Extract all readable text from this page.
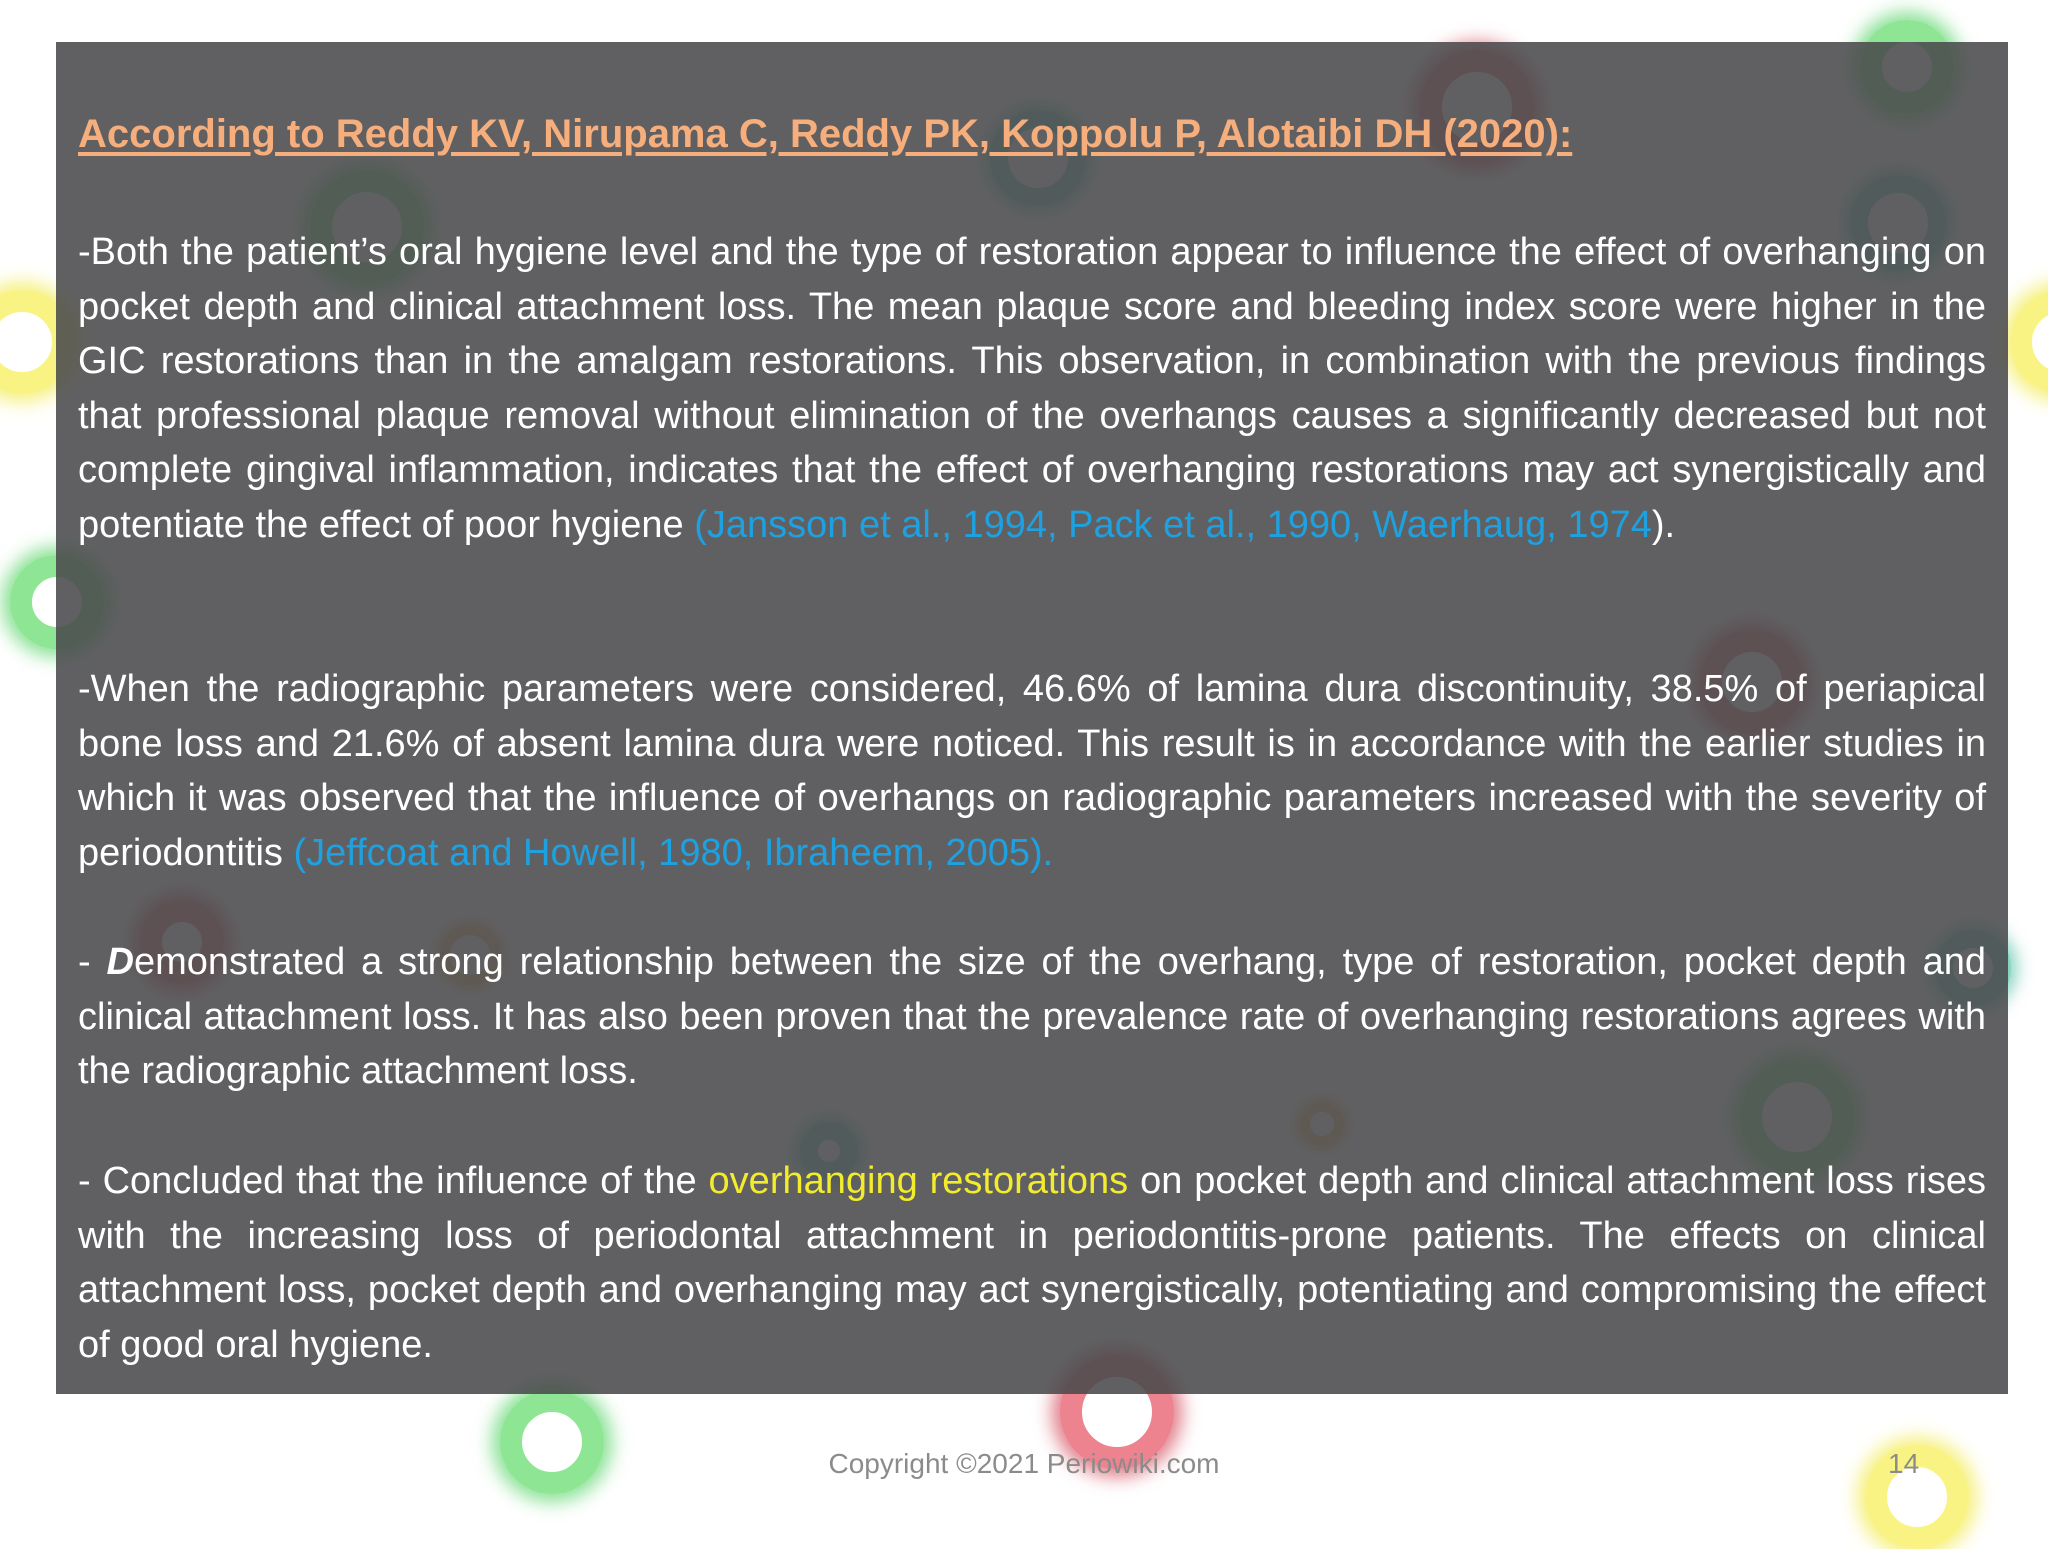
According to Reddy KV, Nirupama C, Reddy PK, Koppolu P, Alotaibi DH (2020):

-Both the patient’s oral hygiene level and the type of restoration appear to influence the effect of overhanging on pocket depth and clinical attachment loss. The mean plaque score and bleeding index score were higher in the GIC restorations than in the amalgam restorations. This observation, in combination with the previous findings that professional plaque removal without elimination of the overhangs causes a significantly decreased but not complete gingival inflammation, indicates that the effect of overhanging restorations may act synergistically and potentiate the effect of poor hygiene (Jansson et al., 1994, Pack et al., 1990, Waerhaug, 1974).

-When the radiographic parameters were considered, 46.6% of lamina dura discontinuity, 38.5% of periapical bone loss and 21.6% of absent lamina dura were noticed. This result is in accordance with the earlier studies in which it was observed that the influence of overhangs on radiographic parameters increased with the severity of periodontitis (Jeffcoat and Howell, 1980, Ibraheem, 2005).

- Demonstrated a strong relationship between the size of the overhang, type of restoration, pocket depth and clinical attachment loss. It has also been proven that the prevalence rate of overhanging restorations agrees with the radiographic attachment loss.

- Concluded that the influence of the overhanging restorations on pocket depth and clinical attachment loss rises with the increasing loss of periodontal attachment in periodontitis-prone patients. The effects on clinical attachment loss, pocket depth and overhanging may act synergistically, potentiating and compromising the effect of good oral hygiene.

Copyright ©2021 Periowiki.com	14
